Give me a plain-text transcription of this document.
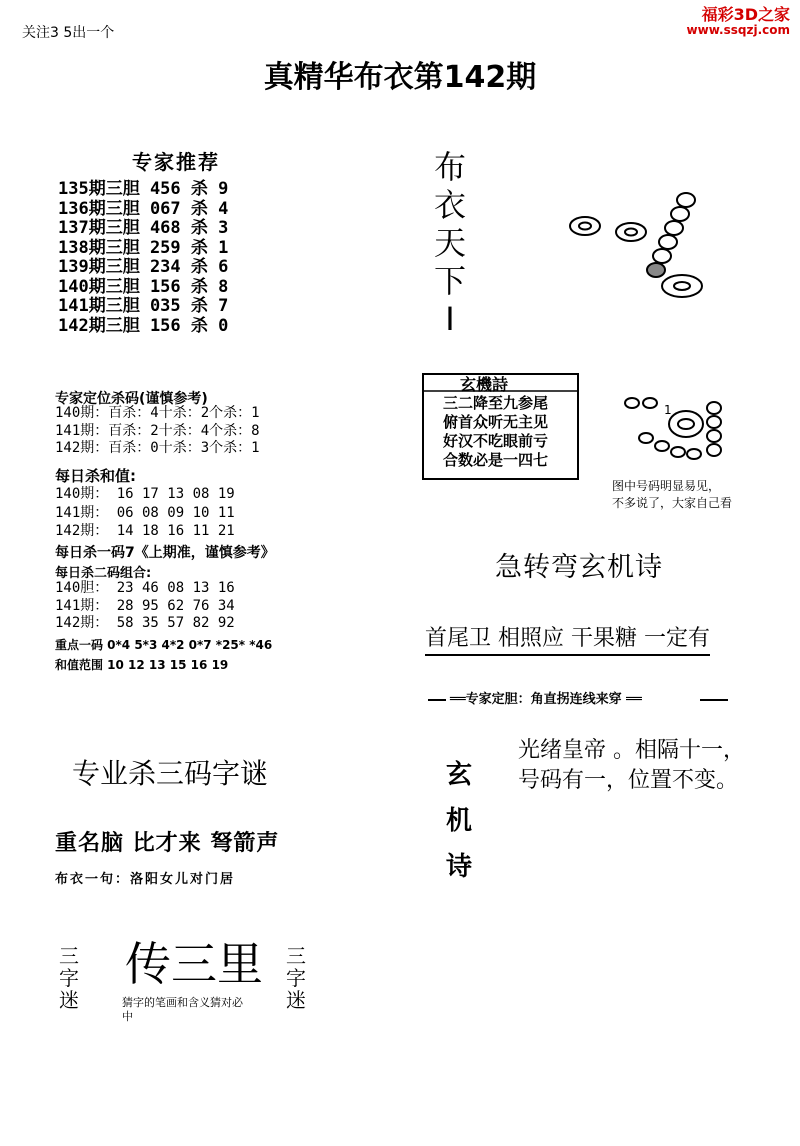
关注3 5出一个
福彩3D之家
www.ssqzj.com
真精华布衣第142期
专家推荐
135期三胆 456 杀 9
136期三胆 067 杀 4
137期三胆 468 杀 3
138期三胆 259 杀 1
139期三胆 234 杀 6
140期三胆 156 杀 8
141期三胆 035 杀 7
142期三胆 156 杀 0
专家定位杀码(谨慎参考)
140期：百杀：4十杀：2个杀：1
141期：百杀：2十杀：4个杀：8
142期：百杀：0十杀：3个杀：1
每日杀和值:
140期： 16 17 13 08 19
141期： 06 08 09 10 11
142期： 14 18 16 11 21
每日杀一码7《上期准，谨慎参考》
每日杀二码组合:
140胆： 23 46 08 13 16
141期： 28 95 62 76 34
142期： 58 35 57 82 92
重点一码 0*4 5*3 4*2 0*7 *25* *46
和值范围 10 12 13 15 16 19
专业杀三码字谜
重名脑 比才来 弩箭声
布衣一句：洛阳女儿对门居
传三里
三字迷
三字迷
猜字的笔画和含义猜对必中
布衣天下I
1
玄機詩
三二降至九参尾
俯首众听无主见
好汉不吃眼前亏
合数必是一四七
图中号码明显易见，
不多说了，大家自己看
急转弯玄机诗
首尾卫 相照应 干果糖 一定有
══专家定胆：角直拐连线来穿 ══
玄机诗
光绪皇帝 。相隔十一，
号码有一，位置不变。
